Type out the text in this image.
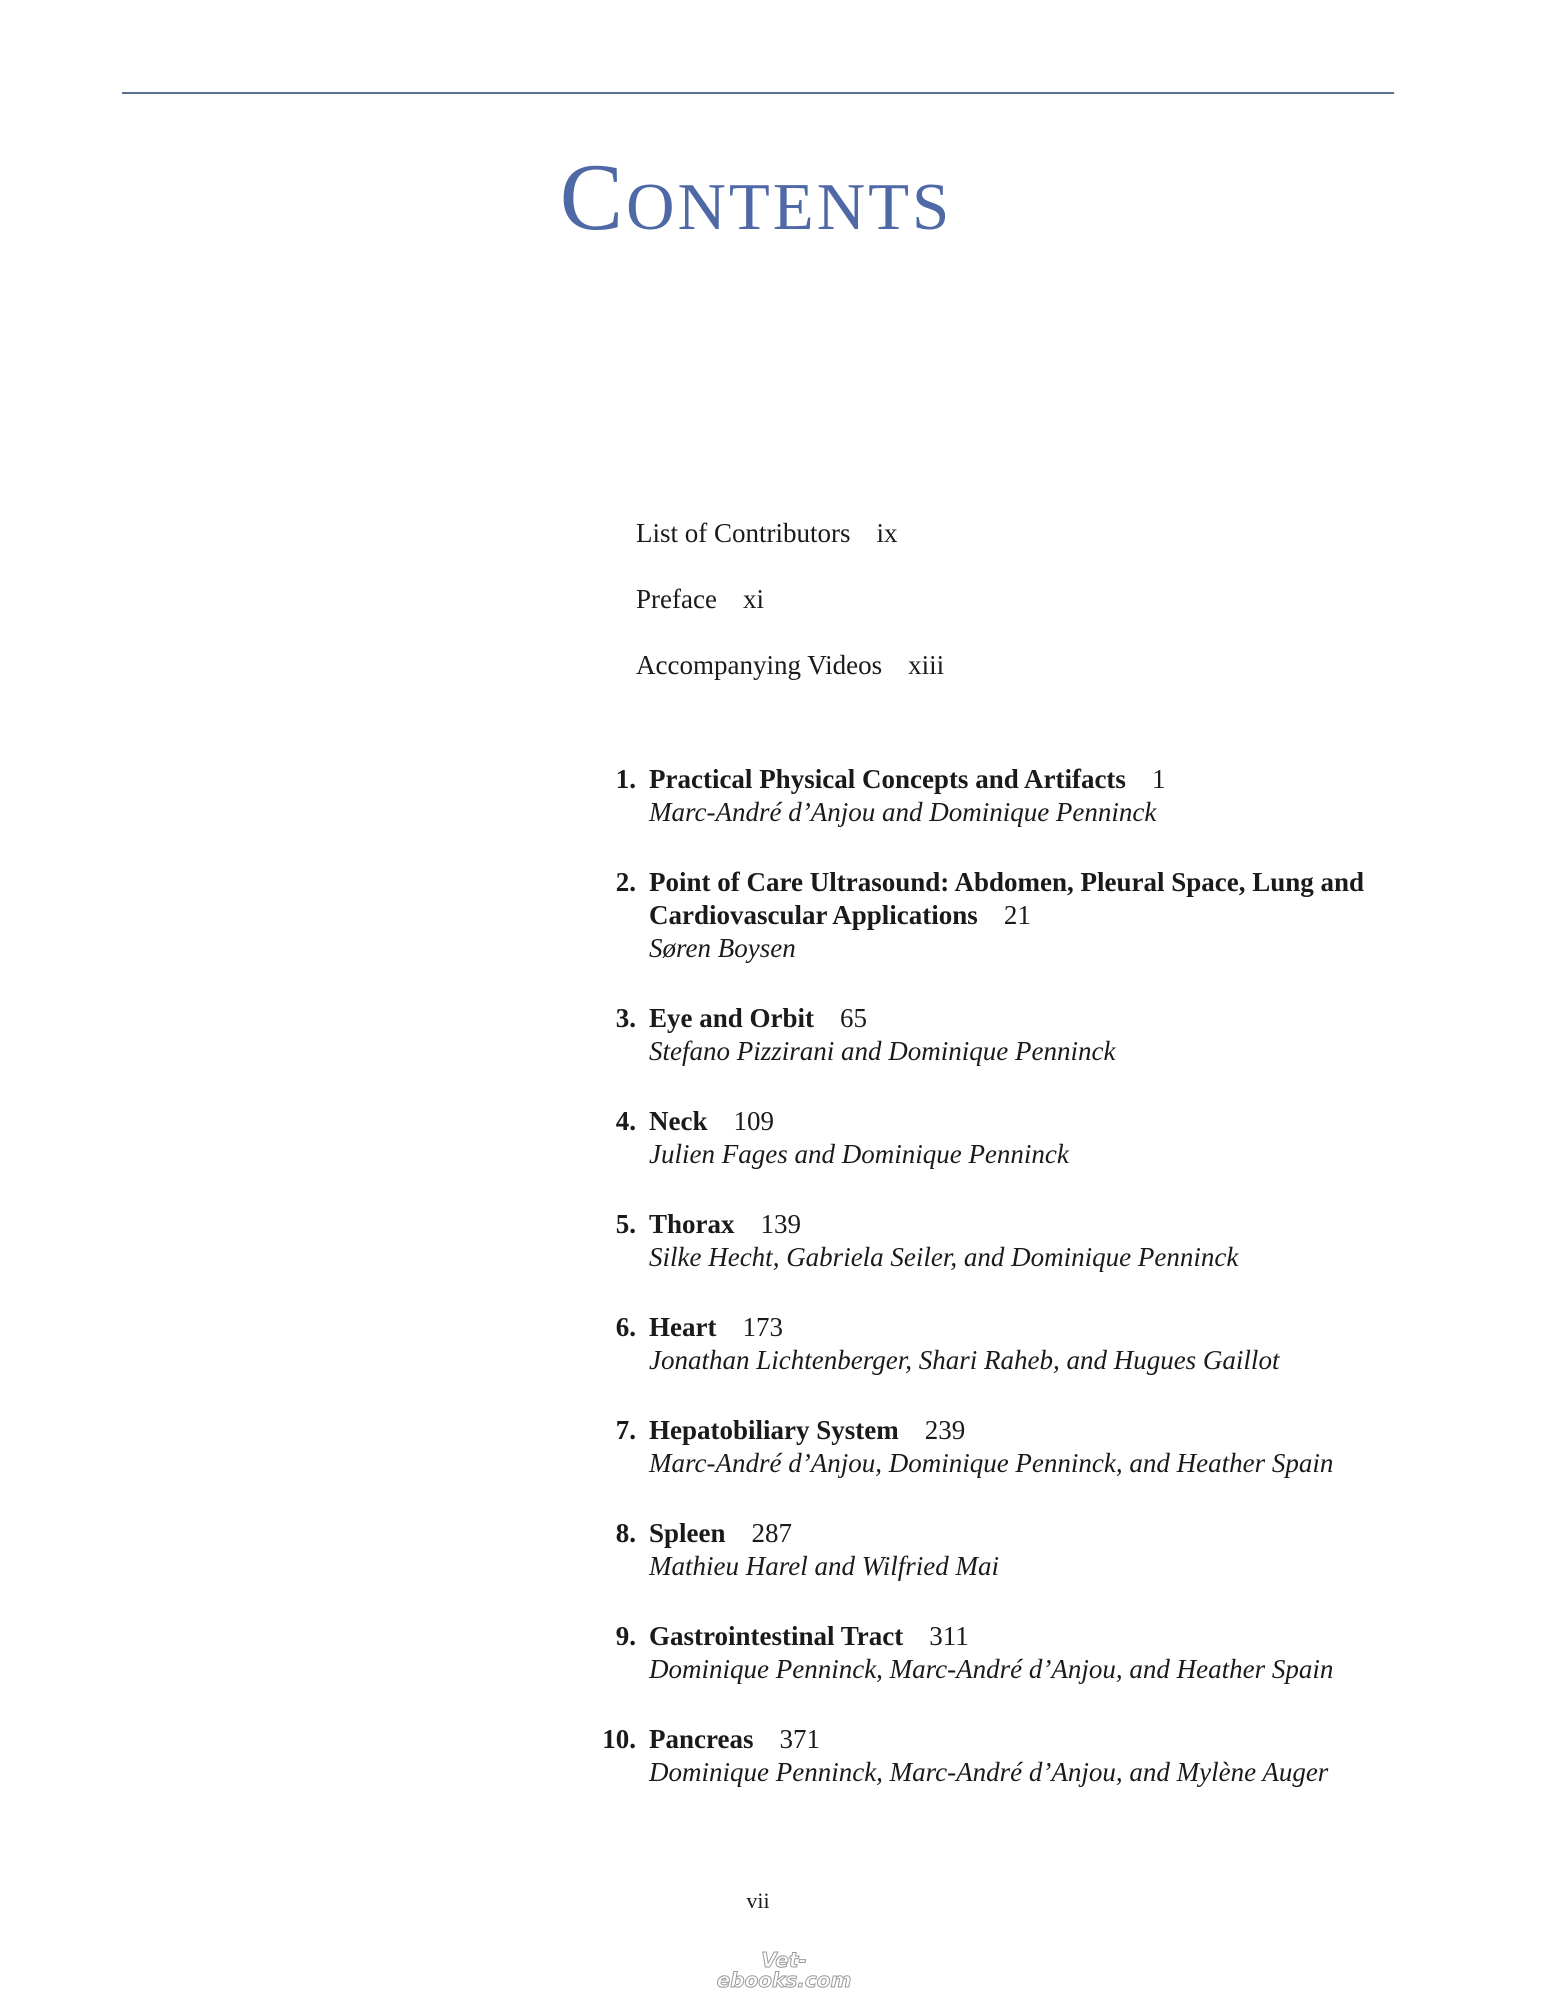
Contents
List of Contributors ix
Preface xi
Accompanying Videos xiii
1. Practical Physical Concepts and Artifacts 1
Marc-André d’Anjou and Dominique Penninck
2. Point of Care Ultrasound: Abdomen, Pleural Space, Lung and Cardiovascular Applications 21
Søren Boysen
3. Eye and Orbit 65
Stefano Pizzirani and Dominique Penninck
4. Neck 109
Julien Fages and Dominique Penninck
5. Thorax 139
Silke Hecht, Gabriela Seiler, and Dominique Penninck
6. Heart 173
Jonathan Lichtenberger, Shari Raheb, and Hugues Gaillot
7. Hepatobiliary System 239
Marc-André d’Anjou, Dominique Penninck, and Heather Spain
8. Spleen 287
Mathieu Harel and Wilfried Mai
9. Gastrointestinal Tract 311
Dominique Penninck, Marc-André d’Anjou, and Heather Spain
10. Pancreas 371
Dominique Penninck, Marc-André d’Anjou, and Mylène Auger
vii
Vet-ebooks.com
